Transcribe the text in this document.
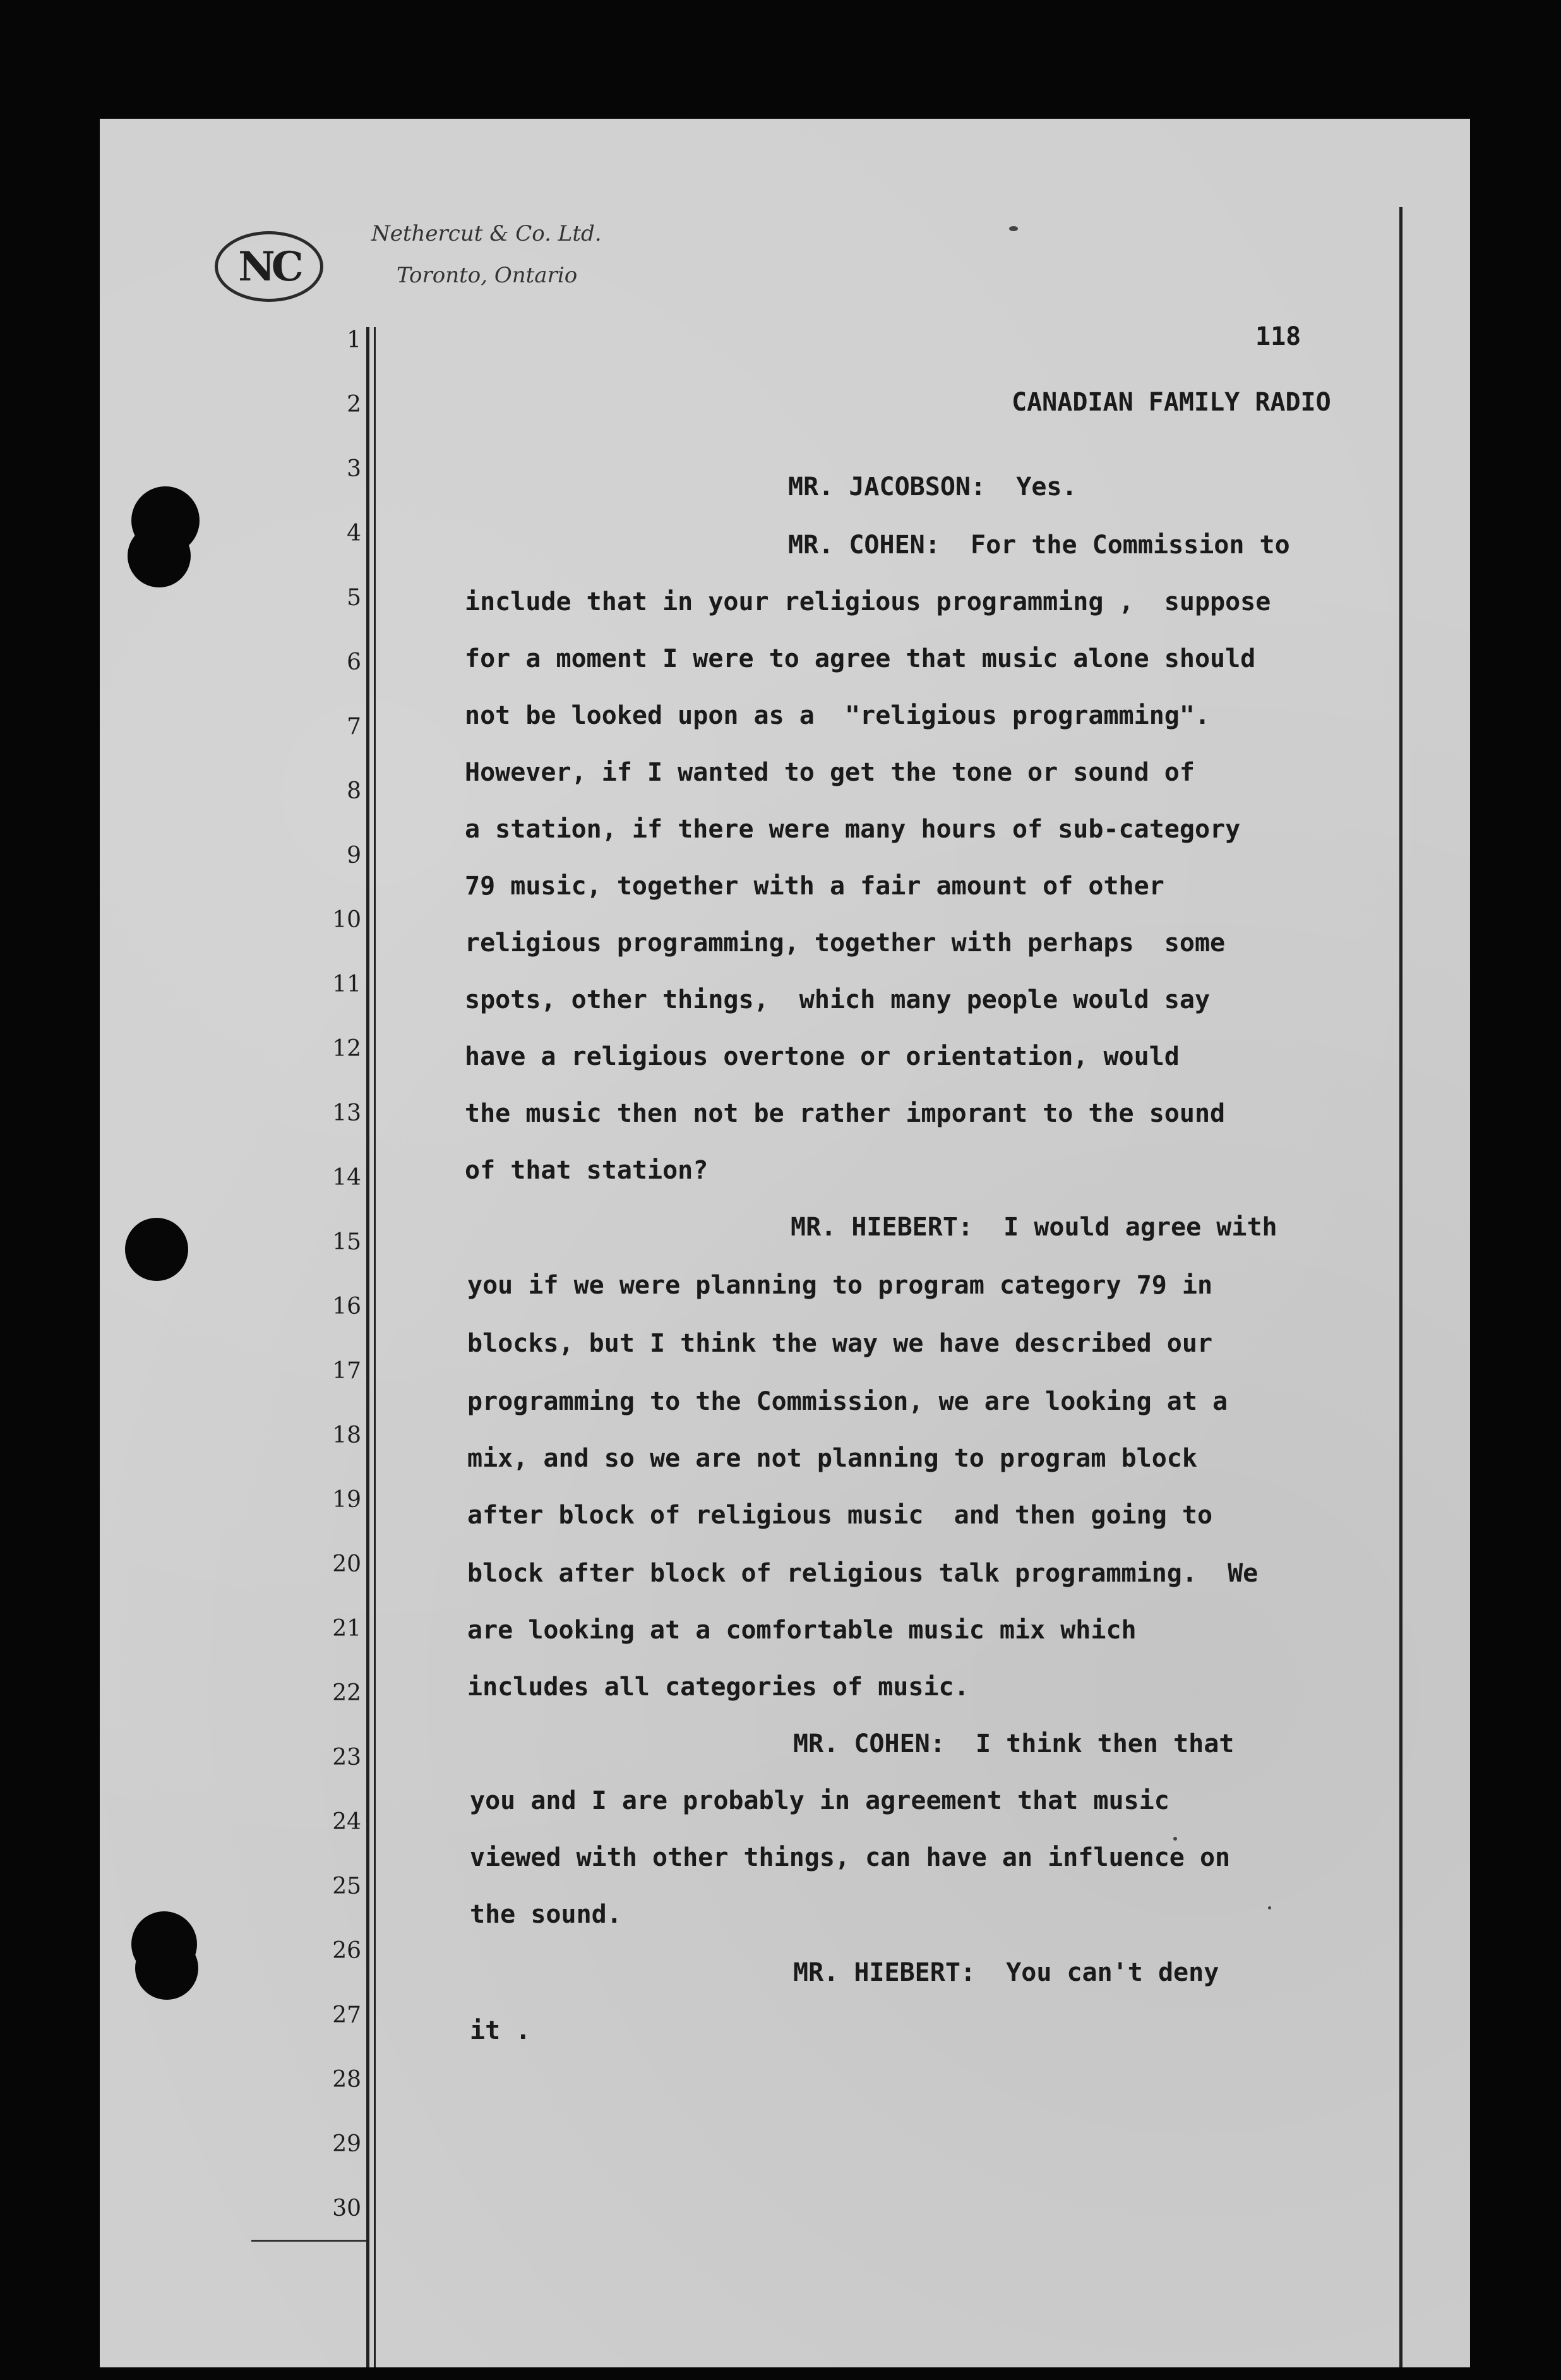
NC
Nethercut & Co. Ltd.
Toronto, Ontario
118
CANADIAN FAMILY RADIO
1
2
3
4
5
6
7
8
9
10
11
12
13
14
15
16
17
18
19
20
21
22
23
24
25
26
27
28
29
30
MR. JACOBSON:  Yes.
MR. COHEN:  For the Commission to
include that in your religious programming ,  suppose
for a moment I were to agree that music alone should
not be looked upon as a  "religious programming".
However, if I wanted to get the tone or sound of
a station, if there were many hours of sub-category
79 music, together with a fair amount of other
religious programming, together with perhaps  some
spots, other things,  which many people would say
have a religious overtone or orientation, would
the music then not be rather imporant to the sound
of that station?
MR. HIEBERT:  I would agree with
you if we were planning to program category 79 in
blocks, but I think the way we have described our
programming to the Commission, we are looking at a
mix, and so we are not planning to program block
after block of religious music  and then going to
block after block of religious talk programming.  We
are looking at a comfortable music mix which
includes all categories of music.
MR. COHEN:  I think then that
you and I are probably in agreement that music
viewed with other things, can have an influence on
the sound.
MR. HIEBERT:  You can't deny
it .
